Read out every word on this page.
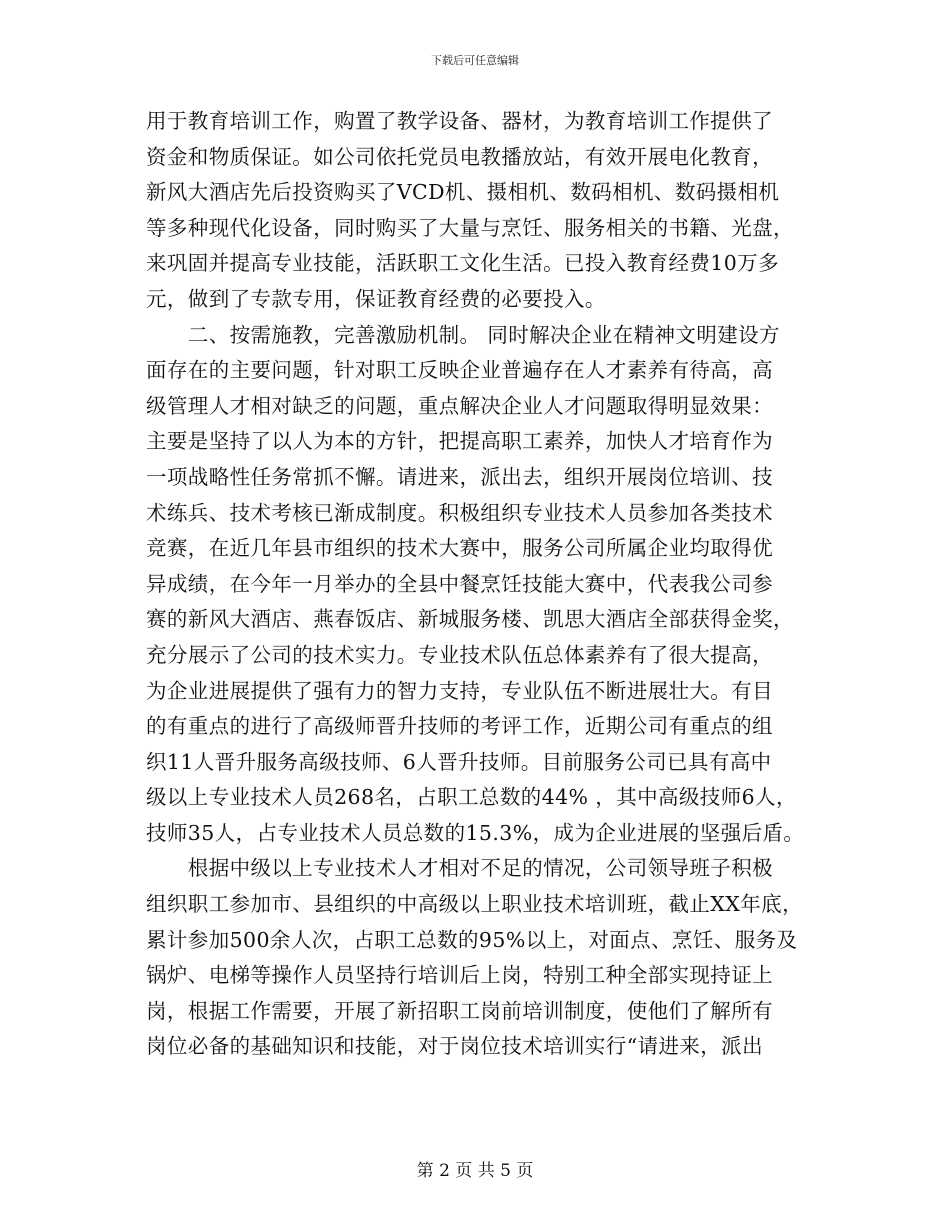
下载后可任意编辑
用于教育培训工作，购置了教学设备、器材，为教育培训工作提供了
资金和物质保证。如公司依托党员电教播放站，有效开展电化教育，
新风大酒店先后投资购买了VCD机、摄相机、数码相机、数码摄相机
等多种现代化设备，同时购买了大量与烹饪、服务相关的书籍、光盘，
来巩固并提高专业技能，活跃职工文化生活。已投入教育经费10万多
元，做到了专款专用，保证教育经费的必要投入。
　　二、按需施教，完善激励机制。 同时解决企业在精神文明建设方
面存在的主要问题，针对职工反映企业普遍存在人才素养有待高，高
级管理人才相对缺乏的问题，重点解决企业人才问题取得明显效果：
主要是坚持了以人为本的方针，把提高职工素养，加快人才培育作为
一项战略性任务常抓不懈。请进来，派出去，组织开展岗位培训、技
术练兵、技术考核已渐成制度。积极组织专业技术人员参加各类技术
竞赛，在近几年县市组织的技术大赛中，服务公司所属企业均取得优
异成绩，在今年一月举办的全县中餐烹饪技能大赛中，代表我公司参
赛的新风大酒店、燕春饭店、新城服务楼、凯思大酒店全部获得金奖，
充分展示了公司的技术实力。专业技术队伍总体素养有了很大提高，
为企业进展提供了强有力的智力支持，专业队伍不断进展壮大。有目
的有重点的进行了高级师晋升技师的考评工作，近期公司有重点的组
织11人晋升服务高级技师、6人晋升技师。目前服务公司已具有高中
级以上专业技术人员268名，占职工总数的44% ，其中高级技师6人，
技师35人，占专业技术人员总数的15.3%，成为企业进展的坚强后盾。
　　根据中级以上专业技术人才相对不足的情况，公司领导班子积极
组织职工参加市、县组织的中高级以上职业技术培训班，截止XX年底，
累计参加500余人次，占职工总数的95%以上，对面点、烹饪、服务及
锅炉、电梯等操作人员坚持行培训后上岗，特别工种全部实现持证上
岗，根据工作需要，开展了新招职工岗前培训制度，使他们了解所有
岗位必备的基础知识和技能，对于岗位技术培训实行“请进来，派出
第 2 页 共 5 页
